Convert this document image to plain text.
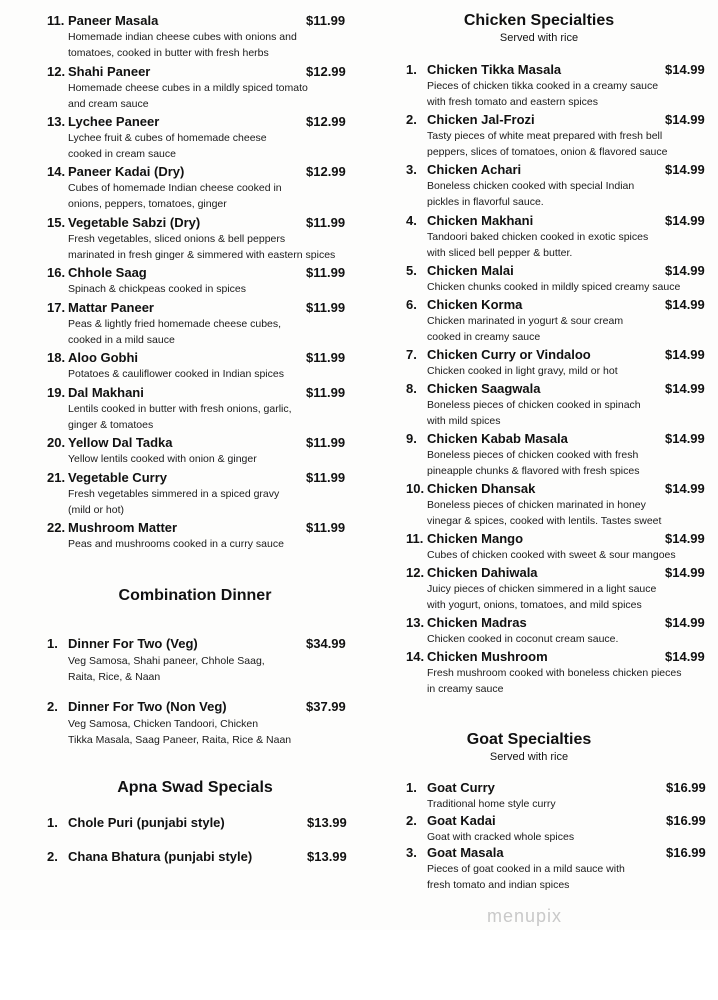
11. Paneer Masala	$11.99
Homemade indian cheese cubes with onions and
tomatoes, cooked in butter with fresh herbs
12. Shahi Paneer	$12.99
Homemade cheese cubes in a mildly spiced tomato
and cream sauce
13. Lychee Paneer	$12.99
Lychee fruit & cubes of homemade cheese
cooked in cream sauce
14. Paneer Kadai (Dry)	$12.99
Cubes of homemade Indian cheese cooked in
onions, peppers, tomatoes, ginger
15. Vegetable Sabzi (Dry)	$11.99
Fresh vegetables, sliced onions & bell peppers
marinated in fresh ginger & simmered with eastern spices
16. Chhole Saag	$11.99
Spinach & chickpeas cooked in spices
17. Mattar Paneer	$11.99
Peas & lightly fried homemade cheese cubes,
cooked in a mild sauce
18. Aloo Gobhi	$11.99
Potatoes & cauliflower cooked in Indian spices
19. Dal Makhani	$11.99
Lentils cooked in butter with fresh onions, garlic,
ginger & tomatoes
20. Yellow Dal Tadka	$11.99
Yellow lentils cooked with onion & ginger
21. Vegetable Curry	$11.99
Fresh vegetables simmered in a spiced gravy
(mild or hot)
22. Mushroom Matter	$11.99
Peas and mushrooms cooked in a curry sauce
Combination Dinner
1. Dinner For Two (Veg)	$34.99
Veg Samosa, Shahi paneer, Chhole Saag,
Raita, Rice, & Naan
2. Dinner For Two (Non Veg)	$37.99
Veg Samosa, Chicken Tandoori, Chicken
Tikka Masala, Saag Paneer, Raita, Rice & Naan
Apna Swad Specials
1. Chole Puri (punjabi style)	$13.99
2. Chana Bhatura (punjabi style)	$13.99
Chicken Specialties
Served with rice
1. Chicken Tikka Masala	$14.99
Pieces of chicken tikka cooked in a creamy sauce
with fresh tomato and eastern spices
2. Chicken Jal-Frozi	$14.99
Tasty pieces of white meat prepared with fresh bell
peppers, slices of tomatoes, onion & flavored sauce
3. Chicken Achari	$14.99
Boneless chicken cooked with special Indian
pickles in flavorful sauce.
4. Chicken Makhani	$14.99
Tandoori baked chicken cooked in exotic spices
with sliced bell pepper & butter.
5. Chicken Malai	$14.99
Chicken chunks cooked in mildly spiced creamy sauce
6. Chicken Korma	$14.99
Chicken marinated in yogurt & sour cream
cooked in creamy sauce
7. Chicken Curry or Vindaloo	$14.99
Chicken cooked in light gravy, mild or hot
8. Chicken Saagwala	$14.99
Boneless pieces of chicken cooked in spinach
with mild spices
9. Chicken Kabab Masala	$14.99
Boneless pieces of chicken cooked with fresh
pineapple chunks & flavored with fresh spices
10. Chicken Dhansak	$14.99
Boneless pieces of chicken marinated in honey
vinegar & spices, cooked with lentils. Tastes sweet
11. Chicken Mango	$14.99
Cubes of chicken cooked with sweet & sour mangoes
12. Chicken Dahiwala	$14.99
Juicy pieces of chicken simmered in a light sauce
with yogurt, onions, tomatoes, and mild spices
13. Chicken Madras	$14.99
Chicken cooked in coconut cream sauce.
14. Chicken Mushroom	$14.99
Fresh mushroom cooked with boneless chicken pieces
in creamy sauce
Goat Specialties
Served with rice
1. Goat Curry	$16.99
Traditional home style curry
2. Goat Kadai	$16.99
Goat with cracked whole spices
3. Goat Masala	$16.99
Pieces of goat cooked in a mild sauce with
fresh tomato and indian spices
menupix
